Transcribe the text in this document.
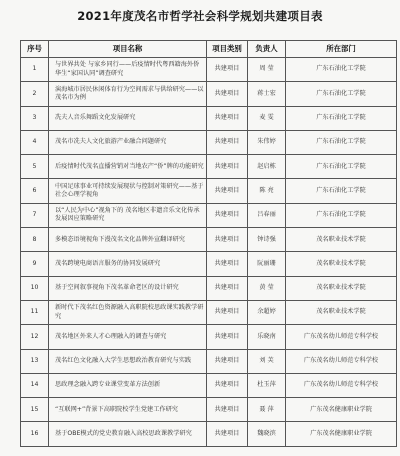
2021年度茂名市哲学社会科学规划共建项目表
序号	项目名称	项目类别	负责人	所在部门
1	与世界共处 与家乡同行——后疫情时代粤西籍海外侨华生“家国认同”调查研究	共建项目	周 莹	广东石油化工学院
2	演海城市居民休闲体育行为空间需求与供给研究——以茂名市为例	共建项目	蒋士宏	广东石油化工学院
3	冼夫人音乐舞蹈文化发展研究	共建项目	麦 雯	广东石油化工学院
4	茂名市冼夫人文化旅游产业融合问题研究	共建项目	朱伟婷	广东石油化工学院
5	后疫情时代茂名直播营销对当地农产“侨”牌的功能研究	共建项目	赵启栋	广东石油化工学院
6	中国足球事业可持续发展现状与控制对策研究——基于社会心理学视角	共建项目	陈 亮	广东石油化工学院
7	以“人民为中心”视角下的 茂名地区非遗音乐文化传承发展因应策略研究	共建项目	吕春丽	广东石油化工学院
8	多模态语境视角下漫茂名文化品牌外宣翻译研究	共建项目	钟诗强	茂名职业技术学院
9	茂名跨境电商语言服务的协同发展研究	共建项目	阮丽珊	茂名职业技术学院
10	基于空间叙事视角下茂名革命老区的设计研究	共建项目	黄 莹	茂名职业技术学院
11	新时代下茂名红色资源融入高职院校思政课实践教学研究	共建项目	余超婷	茂名职业技术学院
12	茂名地区外来人才心理融入的调查与研究	共建项目	乐晓南	广东茂名幼儿师范专科学校
13	茂名红色文化融入大学生思想政治教育研究与实践	共建项目	刘 芙	广东茂名幼儿师范专科学校
14	思政理念融入跨专业课堂变革方法创新	共建项目	杜玉萍	广东茂名幼儿师范专科学校
15	“互联网+”背景下高职院校学生党建工作研究	共建项目	聂 萍	广东茂名健康职业学院
16	基于OBE模式的党史教育融入高校思政课教学研究	共建项目	魏晓滨	广东茂名健康职业学院
